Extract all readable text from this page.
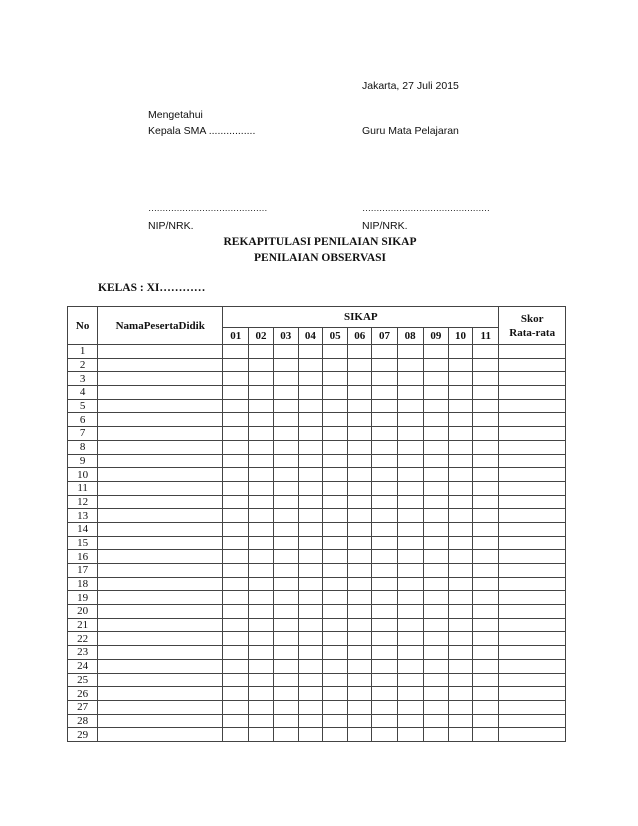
Jakarta, 27 Juli 2015
Mengetahui
Kepala SMA ................	Guru Mata Pelajaran
……………………………………	………………………………………
NIP/NRK.	NIP/NRK.
REKAPITULASI PENILAIAN SIKAP
PENILAIAN OBSERVASI
KELAS : XI…………
No	NamaPesertaDidik	SIKAP											Skor
Rata-rata

		01	02	03	04	05	06	07	08	09	10	11	
1													
2													
3													
4													
5													
6													
7													
8													
9													
10													
11													
12													
13													
14													
15													
16													
17													
18													
19													
20													
21													
22													
23													
24													
25													
26													
27													
28													
29													
